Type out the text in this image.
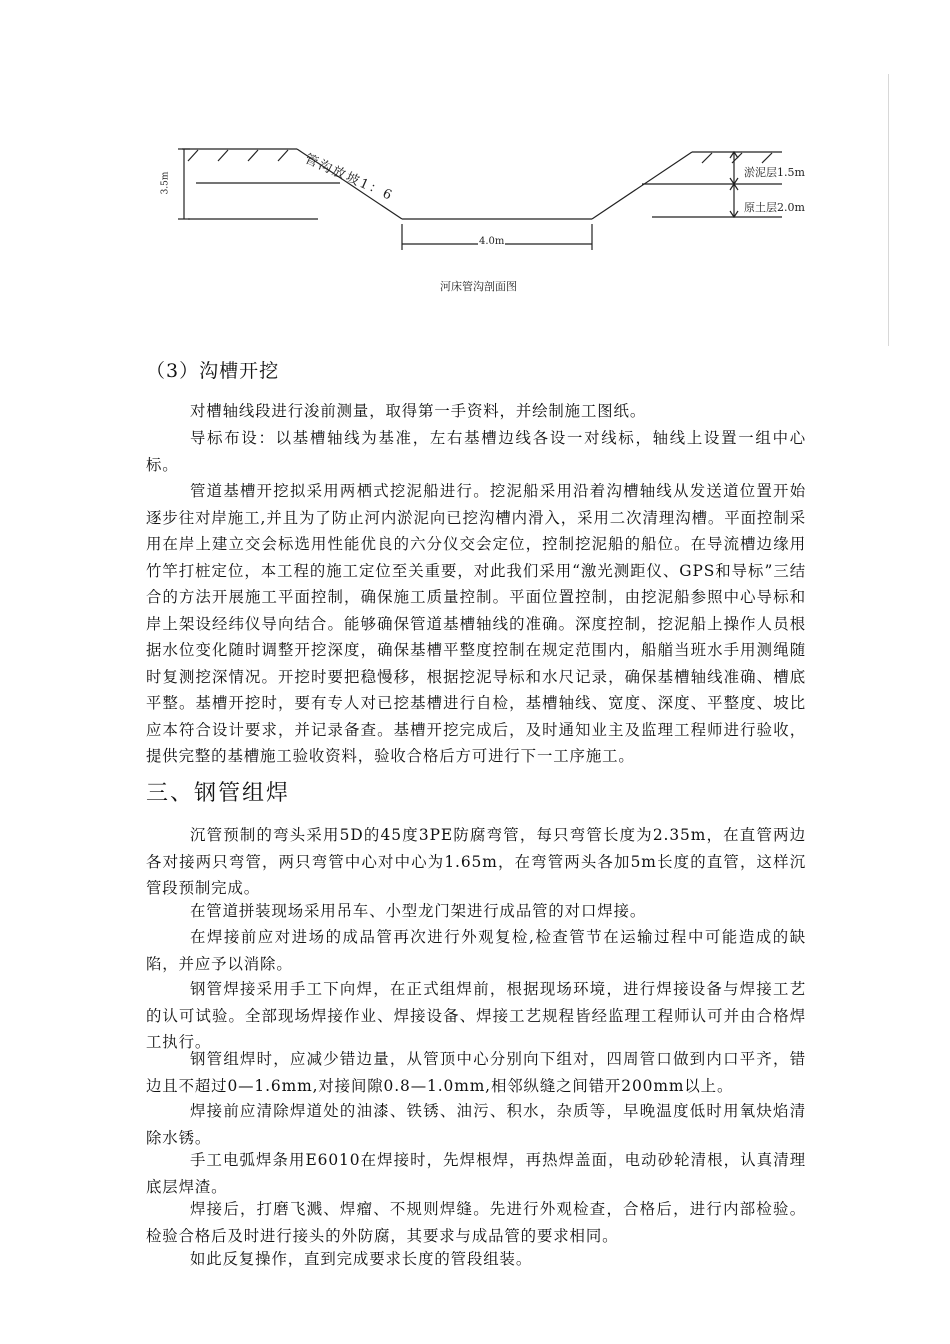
3.5m	管沟放坡1：6	淤泥层1.5m
原土层2.0m
4.0m
河床管沟剖面图
（3）沟槽开挖

对槽轴线段进行浚前测量，取得第一手资料，并绘制施工图纸。

导标布设：以基槽轴线为基准，左右基槽边线各设一对线标，轴线上设置一组中心标。

管道基槽开挖拟采用两栖式挖泥船进行。挖泥船采用沿着沟槽轴线从发送道位置开始逐步往对岸施工,并且为了防止河内淤泥向已挖沟槽内滑入，采用二次清理沟槽。平面控制采用在岸上建立交会标选用性能优良的六分仪交会定位，控制挖泥船的船位。在导流槽边缘用竹竿打桩定位，本工程的施工定位至关重要，对此我们采用“激光测距仪、GPS和导标”三结合的方法开展施工平面控制，确保施工质量控制。平面位置控制，由挖泥船参照中心导标和岸上架设经纬仪导向结合。能够确保管道基槽轴线的准确。深度控制，挖泥船上操作人员根据水位变化随时调整开挖深度，确保基槽平整度控制在规定范围内，船艏当班水手用测绳随时复测挖深情况。开挖时要把稳慢移，根据挖泥导标和水尺记录，确保基槽轴线准确、槽底平整。基槽开挖时，要有专人对已挖基槽进行自检，基槽轴线、宽度、深度、平整度、坡比应本符合设计要求，并记录备查。基槽开挖完成后，及时通知业主及监理工程师进行验收，提供完整的基槽施工验收资料，验收合格后方可进行下一工序施工。

三、钢管组焊

沉管预制的弯头采用5D的45度3PE防腐弯管，每只弯管长度为2.35m，在直管两边各对接两只弯管，两只弯管中心对中心为1.65m，在弯管两头各加5m长度的直管，这样沉管段预制完成。

在管道拼装现场采用吊车、小型龙门架进行成品管的对口焊接。

在焊接前应对进场的成品管再次进行外观复检,检查管节在运输过程中可能造成的缺陷，并应予以消除。

钢管焊接采用手工下向焊，在正式组焊前，根据现场环境，进行焊接设备与焊接工艺的认可试验。全部现场焊接作业、焊接设备、焊接工艺规程皆经监理工程师认可并由合格焊工执行。

钢管组焊时，应减少错边量，从管顶中心分别向下组对，四周管口做到内口平齐，错边且不超过0—1.6mm,对接间隙0.8—1.0mm,相邻纵缝之间错开200mm以上。

焊接前应清除焊道处的油漆、铁锈、油污、积水，杂质等，早晚温度低时用氧炔焰清除水锈。

手工电弧焊条用E6010在焊接时，先焊根焊，再热焊盖面，电动砂轮清根，认真清理底层焊渣。

焊接后，打磨飞溅、焊瘤、不规则焊缝。先进行外观检查，合格后，进行内部检验。检验合格后及时进行接头的外防腐，其要求与成品管的要求相同。

如此反复操作，直到完成要求长度的管段组装。
